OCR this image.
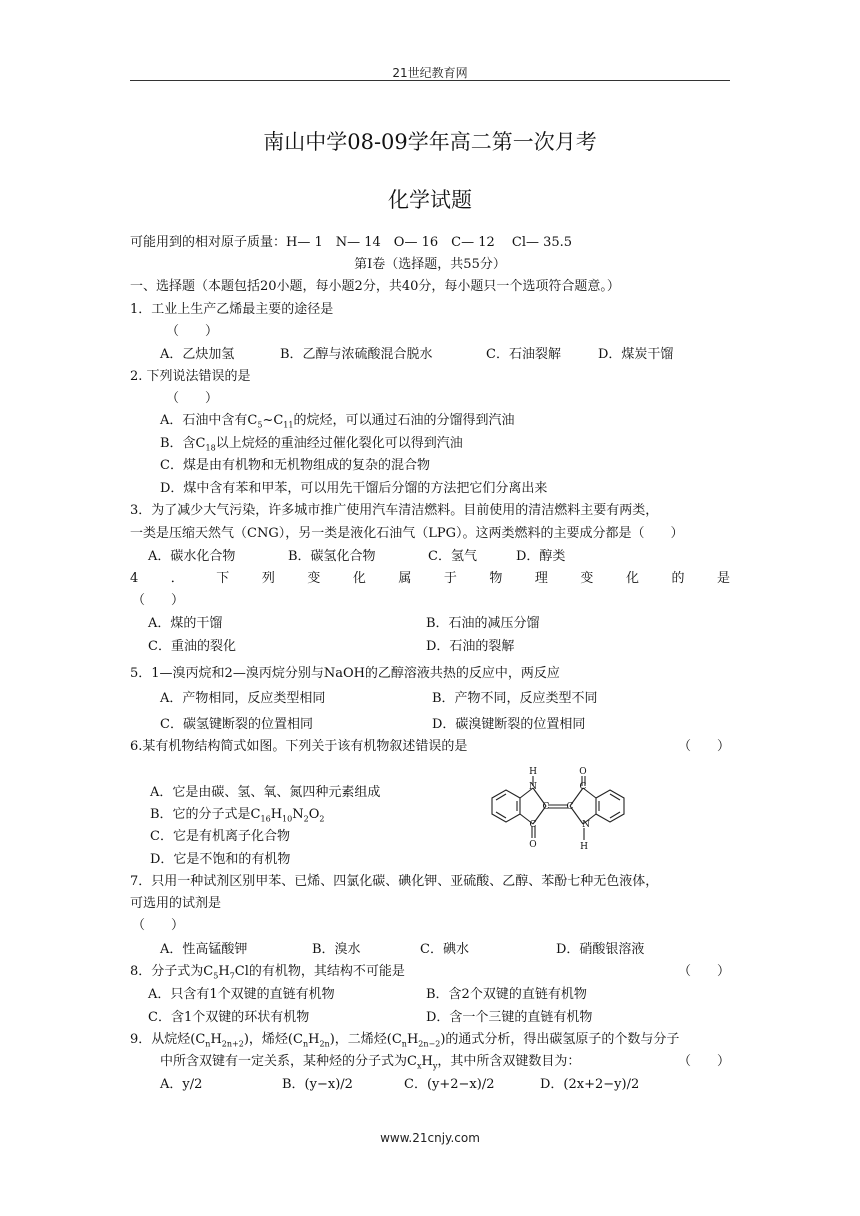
21世纪教育网
南山中学08-09学年高二第一次月考
化学试题
可能用到的相对原子质量：H— 1　N— 14　O— 16　C— 12　 Cl— 35.5
第Ⅰ卷（选择题，共55分）
一、选择题（本题包括20小题，每小题2分，共40分，每小题只一个选项符合题意。）
1．工业上生产乙烯最主要的途径是
（　　）
A．乙炔加氢	B．乙醇与浓硫酸混合脱水	C．石油裂解	D．煤炭干馏
2. 下列说法错误的是
（　　）
A．石油中含有$C_5\sim C_{11}$的烷烃，可以通过石油的分馏得到汽油
B．含$C_{18}$以上烷烃的重油经过催化裂化可以得到汽油
C．煤是由有机物和无机物组成的复杂的混合物
D．煤中含有苯和甲苯，可以用先干馏后分馏的方法把它们分离出来
3．为了减少大气污染，许多城市推广使用汽车清洁燃料。目前使用的清洁燃料主要有两类，
一类是压缩天然气（CNG），另一类是液化石油气（LPG）。这两类燃料的主要成分都是（　　）
A．碳水化合物	B．碳氢化合物	C．氢气	D．醇类
4	．	下	列	变	化	属	于	物	理	变	化	的	是
（　　）
A．煤的干馏	B．石油的减压分馏
C．重油的裂化	D．石油的裂解
5．1—溴丙烷和2—溴丙烷分别与NaOH的乙醇溶液共热的反应中，两反应
A．产物相同，反应类型相同	B．产物不同，反应类型不同
C．碳氢键断裂的位置相同	D．碳溴键断裂的位置相同
6.某有机物结构简式如图。下列关于该有机物叙述错误的是	（　　）
A．它是由碳、氢、氧、氮四种元素组成
B．它的分子式是$C_{16}H_{10}N_2O_2$
C．它是有机离子化合物
D．它是不饱和的有机物
H
N
C
C
O
O
C
C
N
H
7．只用一种试剂区别甲苯、已烯、四氯化碳、碘化钾、亚硫酸、乙醇、苯酚七种无色液体，
可选用的试剂是
（　　）
A．性高锰酸钾	B．溴水	C．碘水	D．硝酸银溶液
8．分子式为$C_5H_7Cl$的有机物，其结构不可能是	（　　）
A．只含有1个双键的直链有机物	B．含2个双键的直链有机物
C．含1个双键的环状有机物	D．含一个三键的直链有机物
9．从烷烃$(C_nH_{2n+2})$，烯烃$(C_nH_{2n})$，二烯烃$(C_nH_{2n-2})$的通式分析，得出碳氢原子的个数与分子
中所含双键有一定关系，某种烃的分子式为$C_xH_y$，其中所含双键数目为：	（　　）
A．y/2	B．(y−x)/2	C．(y+2−x)/2	D．(2x+2−y)/2
www.21cnjy.com
